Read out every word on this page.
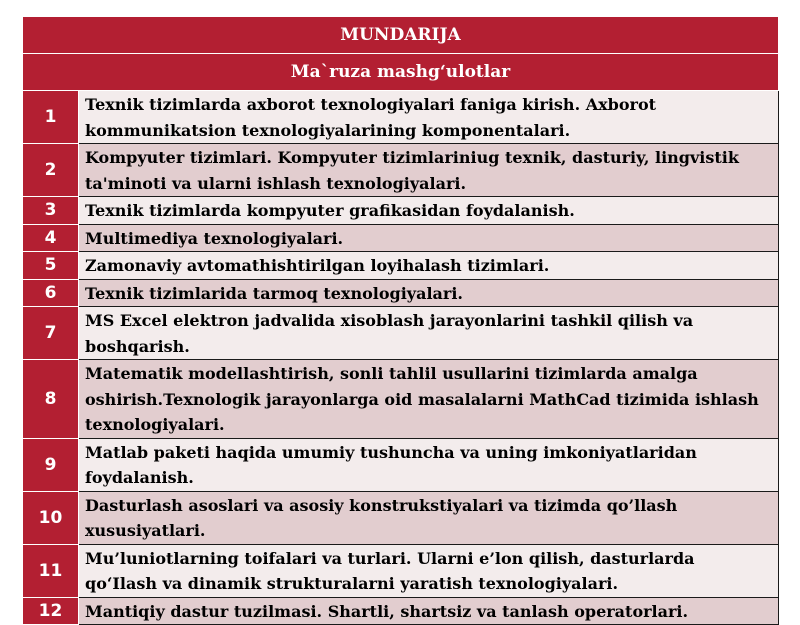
MUNDARIJA	
Ma`ruza mashg‘ulotlar	
1	Texnik tizimlarda axborot texnologiyalari faniga kirish. Axborot kommunikatsion texnologiyalarining komponentalari.
2	Kompyuter tizimlari. Kompyuter tizimlariniug texnik, dasturiy, lingvistik ta'minoti va ularni ishlash texnologiyalari.
3	Texnik tizimlarda kompyuter grafikasidan foydalanish.
4	Multimediya texnologiyalari.
5	Zamonaviy avtomathishtirilgan loyihalash tizimlari.
6	Texnik tizimlarida tarmoq texnologiyalari.
7	MS Excel elektron jadvalida xisoblash jarayonlarini tashkil qilish va boshqarish.
8	Matematik modellashtirish, sonli tahlil usullarini tizimlarda amalga oshirish.Texnologik jarayonlarga oid masalalarni MathCad tizimida ishlash texnologiyalari.
9	Matlab paketi haqida umumiy tushuncha va uning imkoniyatlaridan foydalanish.
10	Dasturlash asoslari va asosiy konstrukstiyalari va tizimda qo’llash xususiyatlari.
11	Mu’luniotlarning toifalari va turlari. Ularni e’lon qilish, dasturlarda qo‘Ilash va dinamik strukturalarni yaratish texnologiyalari.
12	Mantiqiy dastur tuzilmasi. Shartli, shartsiz va tanlash operatorlari.
